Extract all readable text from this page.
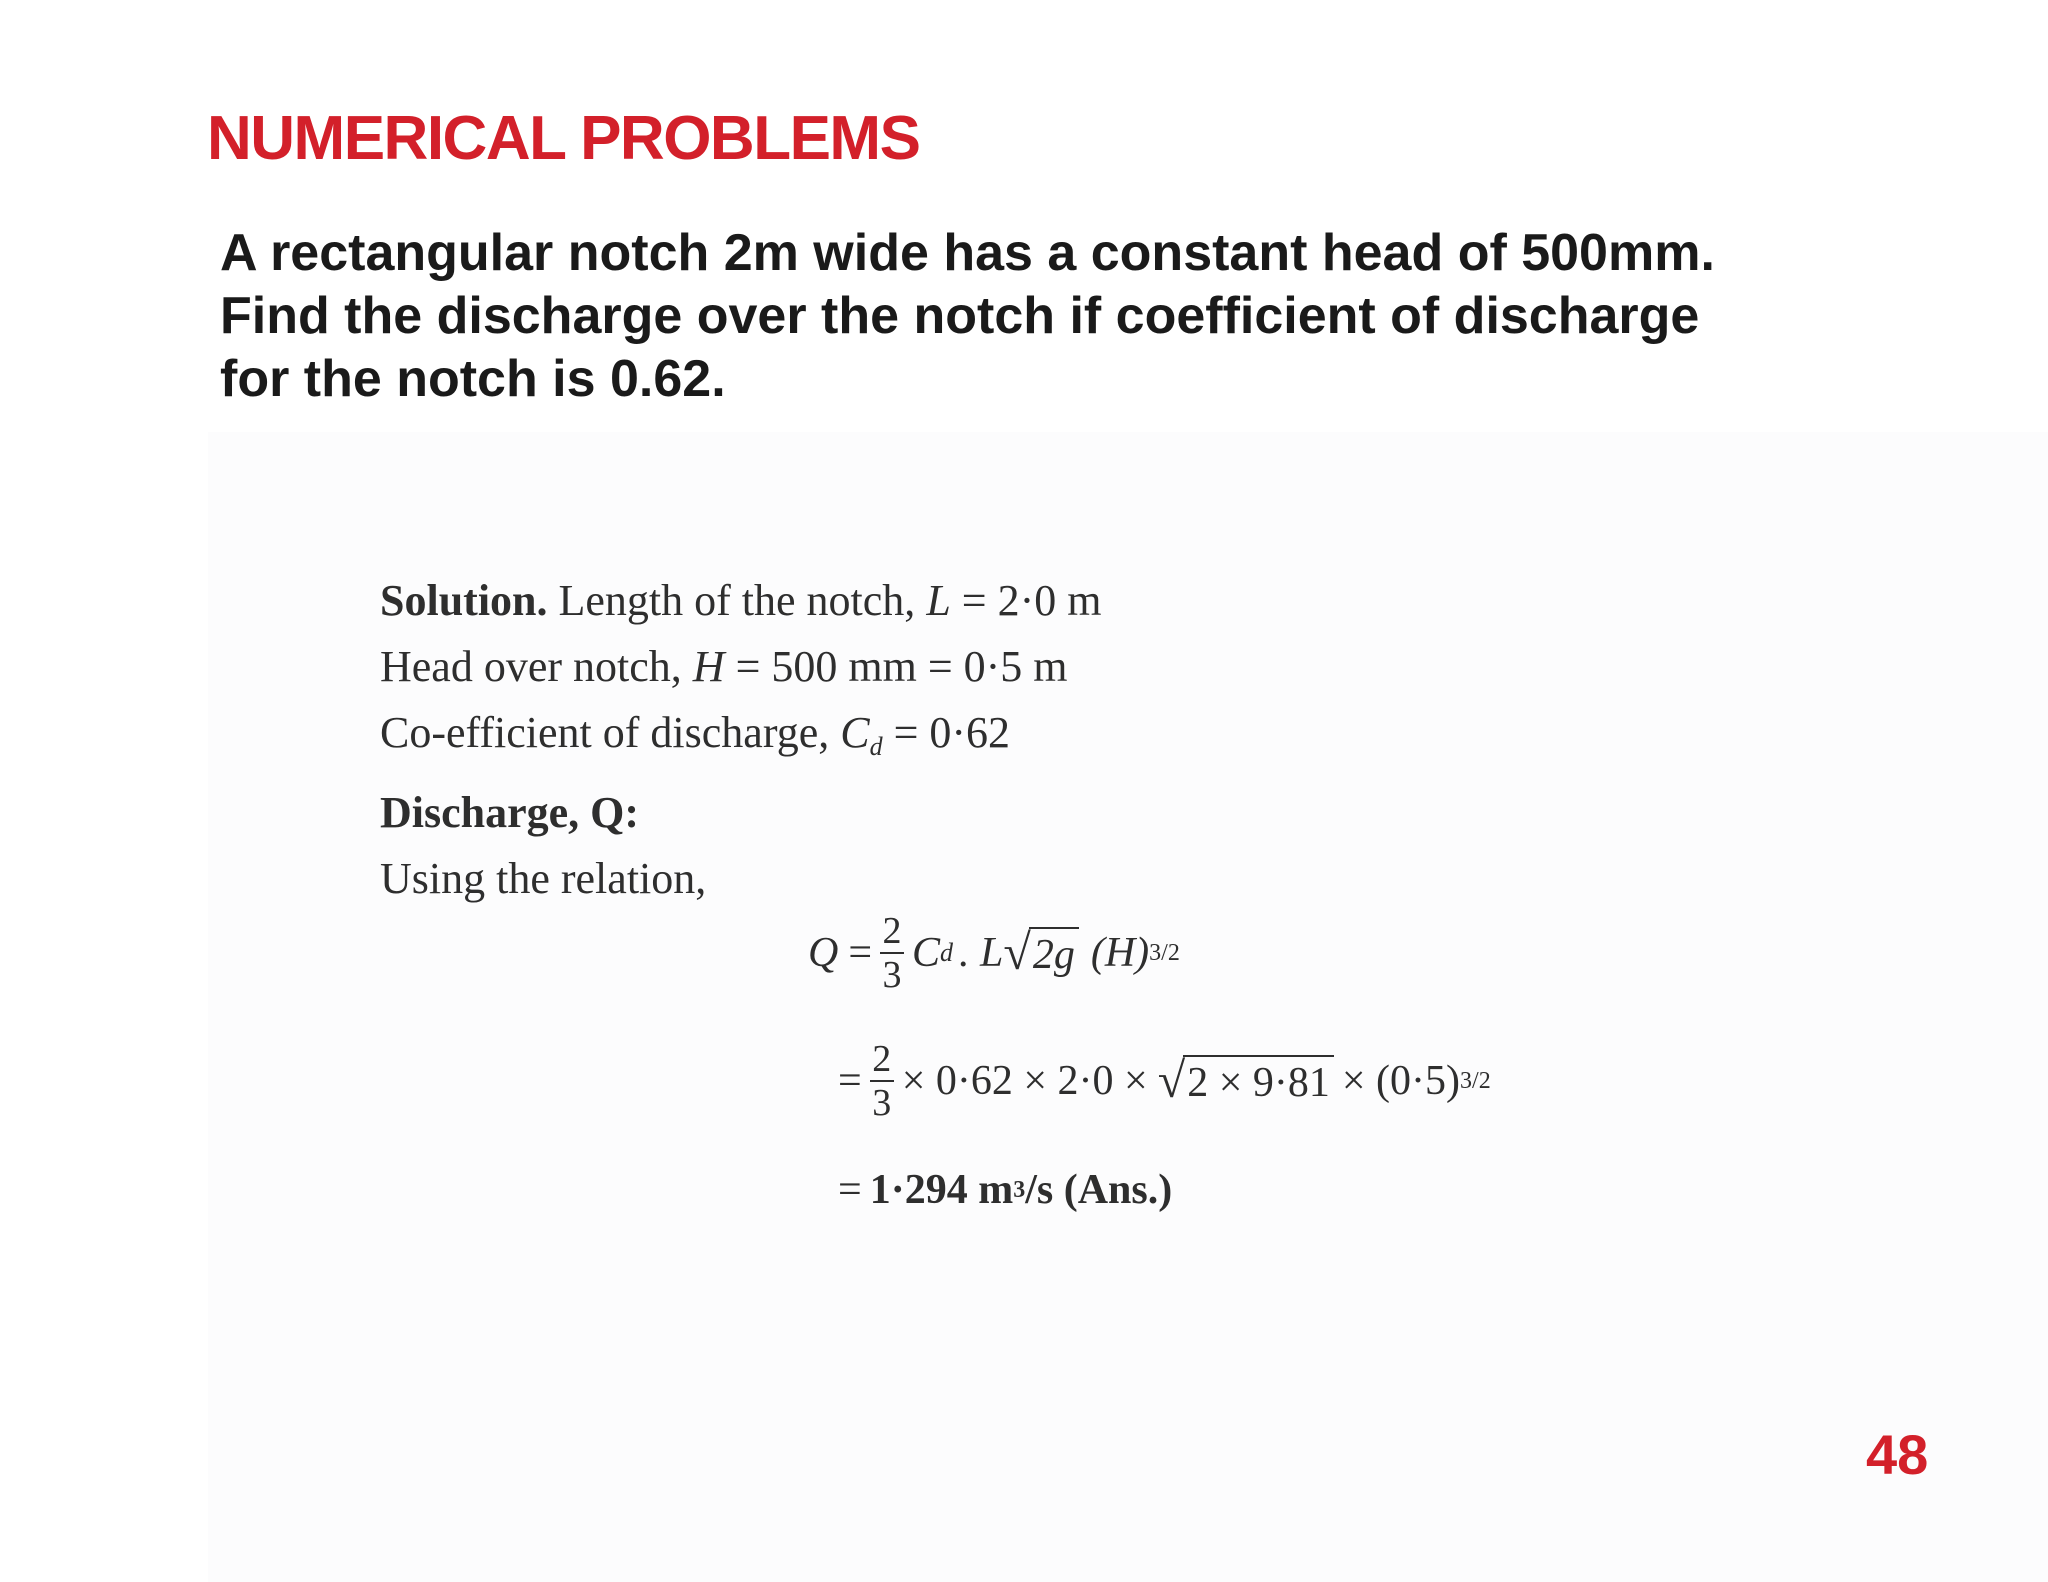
NUMERICAL PROBLEMS
A rectangular notch 2m wide has a constant head of 500mm.
Find the discharge over the notch if coefficient of discharge
for the notch is 0.62.
Solution. Length of the notch, L = 2·0 m
Head over notch, H = 500 mm = 0·5 m
Co-efficient of discharge, $C_d = 0\cdot 62$
Discharge, Q:
Using the relation,
$Q = \frac{2}{3}$ C d . L √ 2g (H) 3/2
= $\frac{2}{3} \times 0\cdot 62 \times 2\cdot 0$ × √ 2 × 9·81 × (0·5) 3/2
= 1·294 m 3 /s (Ans.)
48
